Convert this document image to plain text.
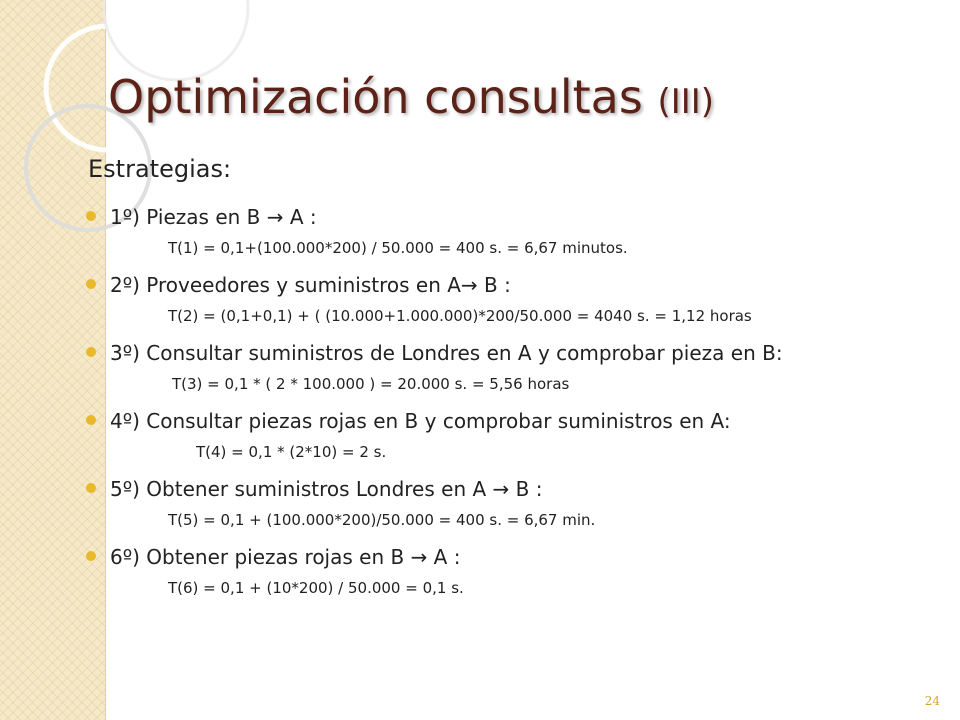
Optimización consultas (III)

Estrategias:

1º) Piezas en B → A :
T(1) = 0,1+(100.000*200) / 50.000 = 400 s. = 6,67 minutos.
2º) Proveedores y suministros en A→ B :
T(2) = (0,1+0,1) + ( (10.000+1.000.000)*200/50.000 = 4040 s. = 1,12 horas
3º) Consultar suministros de Londres en A y comprobar pieza en B:
T(3) = 0,1 * ( 2 * 100.000 ) = 20.000 s. = 5,56 horas
4º) Consultar piezas rojas en B y comprobar suministros en A:
T(4) = 0,1 * (2*10) = 2 s.
5º) Obtener suministros Londres en A → B :
T(5) = 0,1 + (100.000*200)/50.000 = 400 s. = 6,67 min.
6º) Obtener piezas rojas en B → A :
T(6) = 0,1 + (10*200) / 50.000 = 0,1 s.
24
